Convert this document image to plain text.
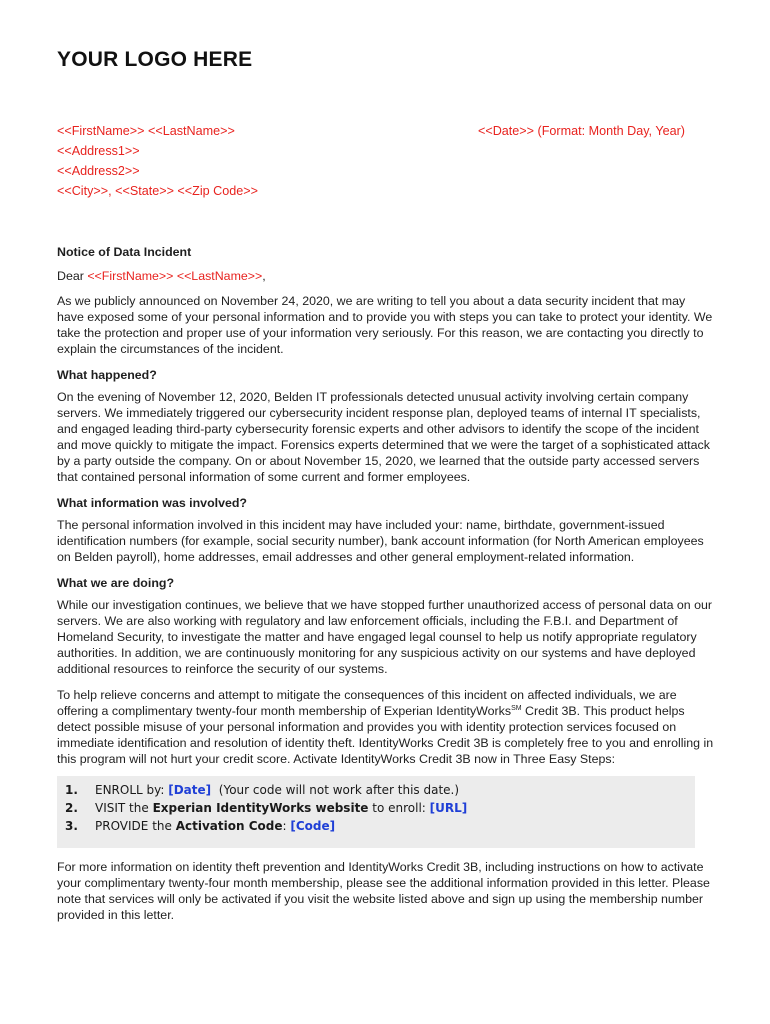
YOUR LOGO HERE
<<FirstName>> <<LastName>>
<<Address1>>
<<Address2>>
<<City>>, <<State>> <<Zip Code>>
<<Date>> (Format: Month Day, Year)

Notice of Data Incident

Dear <<FirstName>> <<LastName>>,

As we publicly announced on November 24, 2020, we are writing to tell you about a data security incident that may have exposed some of your personal information and to provide you with steps you can take to protect your identity. We take the protection and proper use of your information very seriously. For this reason, we are contacting you directly to explain the circumstances of the incident.

What happened?

On the evening of November 12, 2020, Belden IT professionals detected unusual activity involving certain company servers. We immediately triggered our cybersecurity incident response plan, deployed teams of internal IT specialists, and engaged leading third-party cybersecurity forensic experts and other advisors to identify the scope of the incident and move quickly to mitigate the impact. Forensics experts determined that we were the target of a sophisticated attack by a party outside the company. On or about November 15, 2020, we learned that the outside party accessed servers that contained personal information of some current and former employees.

What information was involved?

The personal information involved in this incident may have included your: name, birthdate, government-issued identification numbers (for example, social security number), bank account information (for North American employees on Belden payroll), home addresses, email addresses and other general employment-related information.

What we are doing?

While our investigation continues, we believe that we have stopped further unauthorized access of personal data on our servers. We are also working with regulatory and law enforcement officials, including the F.B.I. and Department of Homeland Security, to investigate the matter and have engaged legal counsel to help us notify appropriate regulatory authorities. In addition, we are continuously monitoring for any suspicious activity on our systems and have deployed additional resources to reinforce the security of our systems.

To help relieve concerns and attempt to mitigate the consequences of this incident on affected individuals, we are offering a complimentary twenty-four month membership of Experian IdentityWorks℠ Credit 3B. This product helps detect possible misuse of your personal information and provides you with identity protection services focused on immediate identification and resolution of identity theft. IdentityWorks Credit 3B is completely free to you and enrolling in this program will not hurt your credit score. Activate IdentityWorks Credit 3B now in Three Easy Steps:

1.	ENROLL by: [Date]  (Your code will not work after this date.)
2.	VISIT the Experian IdentityWorks website to enroll: [URL]
3.	PROVIDE the Activation Code: [Code]

For more information on identity theft prevention and IdentityWorks Credit 3B, including instructions on how to activate your complimentary twenty-four month membership, please see the additional information provided in this letter. Please note that services will only be activated if you visit the website listed above and sign up using the membership number provided in this letter.
